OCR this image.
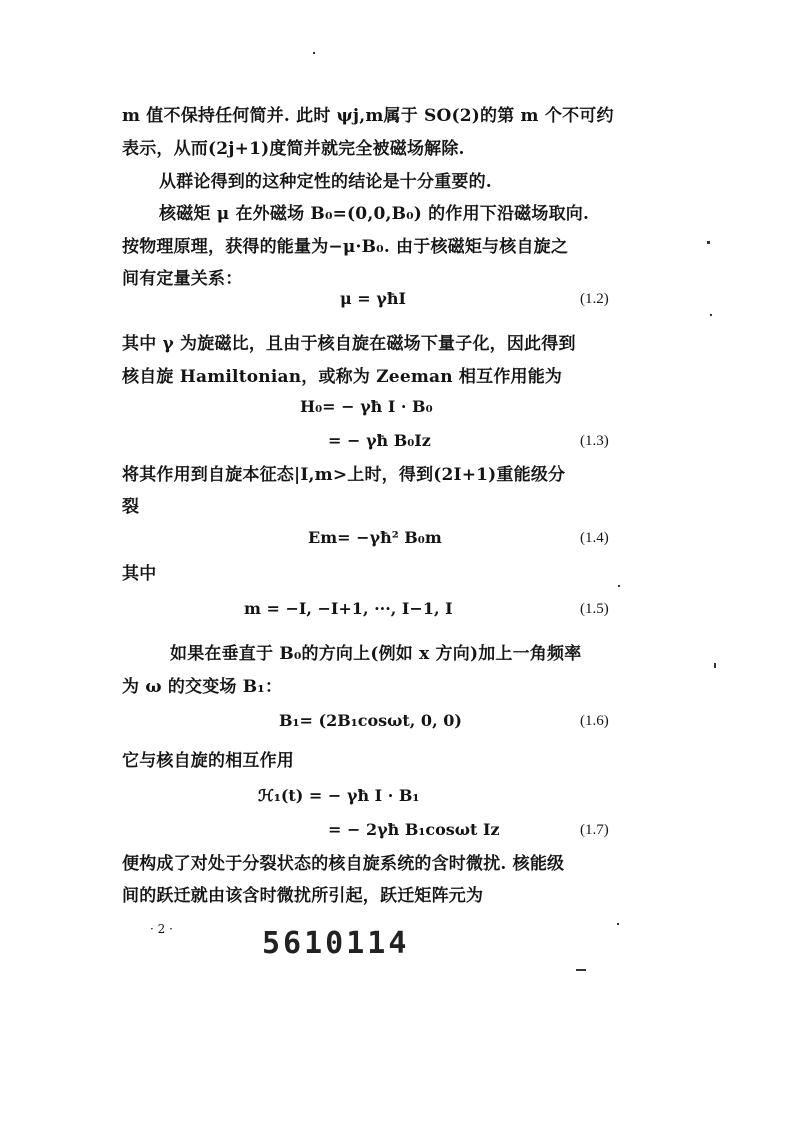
m 值不保持任何简并. 此时 ψj,m属于 SO(2)的第 m 个不可约
表示，从而(2j+1)度简并就完全被磁场解除.
从群论得到的这种定性的结论是十分重要的.
核磁矩 μ 在外磁场 B₀=(0,0,B₀) 的作用下沿磁场取向.
按物理原理，获得的能量为−μ·B₀. 由于核磁矩与核自旋之
间有定量关系：
μ = γħI	(1.2)
其中 γ 为旋磁比，且由于核自旋在磁场下量子化，因此得到
核自旋 Hamiltonian，或称为 Zeeman 相互作用能为
H₀= − γħ I · B₀
= − γħ B₀Iz	(1.3)
将其作用到自旋本征态|I,m>上时，得到(2I+1)重能级分
裂
Em= −γħ² B₀m	(1.4)
其中
m = −I, −I+1, ···, I−1, I	(1.5)
如果在垂直于 B₀的方向上(例如 x 方向)加上一角频率
为 ω 的交变场 B₁：
B₁= (2B₁cosωt, 0, 0)	(1.6)
它与核自旋的相互作用
ℋ₁(t) = − γħ I · B₁
= − 2γħ B₁cosωt Iz	(1.7)
便构成了对处于分裂状态的核自旋系统的含时微扰. 核能级
间的跃迁就由该含时微扰所引起，跃迁矩阵元为
· 2 ·	5610114
